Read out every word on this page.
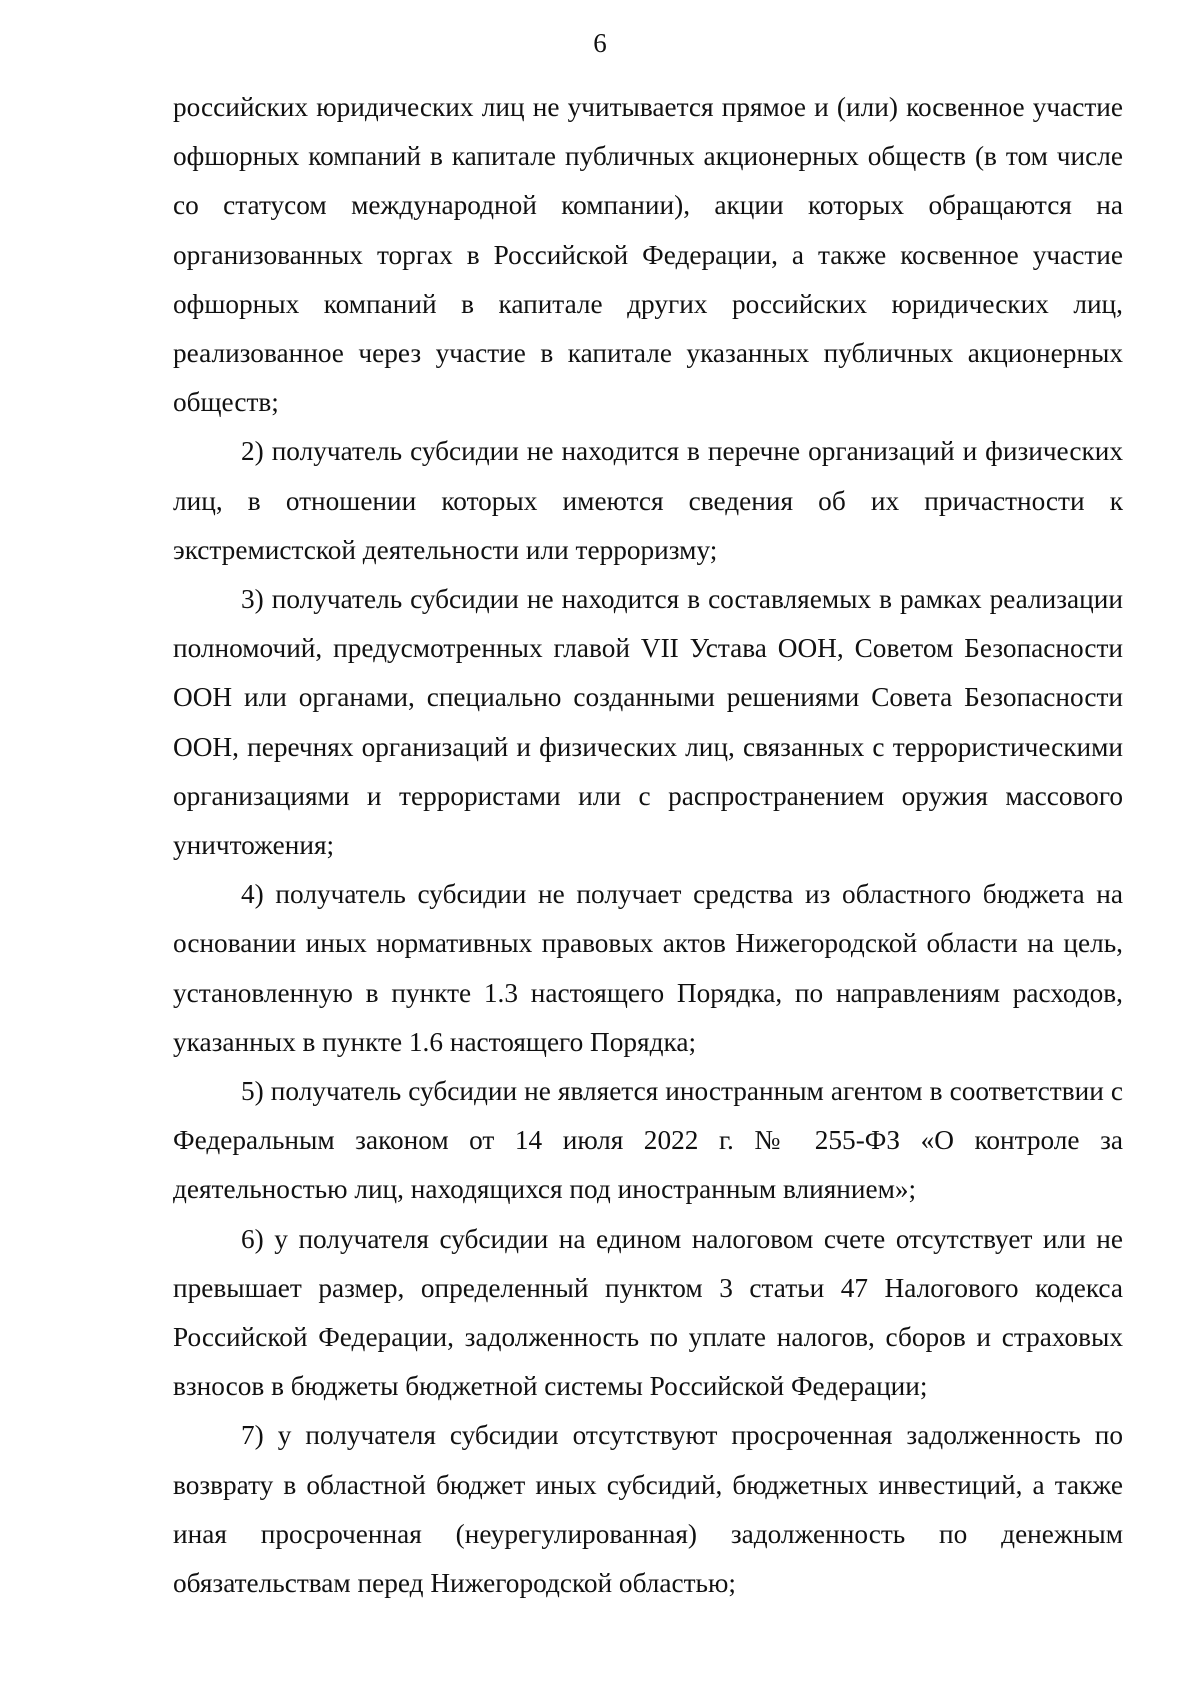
6

российских юридических лиц не учитывается прямое и (или) косвенное участие офшорных компаний в капитале публичных акционерных обществ (в том числе со статусом международной компании), акции которых обращаются на организованных торгах в Российской Федерации, а также косвенное участие офшорных компаний в капитале других российских юридических лиц, реализованное через участие в капитале указанных публичных акционерных обществ;

2) получатель субсидии не находится в перечне организаций и физических лиц, в отношении которых имеются сведения об их причастности к экстремистской деятельности или терроризму;

3) получатель субсидии не находится в составляемых в рамках реализации полномочий, предусмотренных главой VII Устава ООН, Советом Безопасности ООН или органами, специально созданными решениями Совета Безопасности ООН, перечнях организаций и физических лиц, связанных с террористическими организациями и террористами или с распространением оружия массового уничтожения;

4) получатель субсидии не получает средства из областного бюджета на основании иных нормативных правовых актов Нижегородской области на цель, установленную в пункте 1.3 настоящего Порядка, по направлениям расходов, указанных в пункте 1.6 настоящего Порядка;

5) получатель субсидии не является иностранным агентом в соответствии с Федеральным законом от 14 июля 2022 г. № 255-ФЗ «О контроле за деятельностью лиц, находящихся под иностранным влиянием»;

6) у получателя субсидии на едином налоговом счете отсутствует или не превышает размер, определенный пунктом 3 статьи 47 Налогового кодекса Российской Федерации, задолженность по уплате налогов, сборов и страховых взносов в бюджеты бюджетной системы Российской Федерации;

7) у получателя субсидии отсутствуют просроченная задолженность по возврату в областной бюджет иных субсидий, бюджетных инвестиций, а также иная просроченная (неурегулированная) задолженность по денежным обязательствам перед Нижегородской областью;
